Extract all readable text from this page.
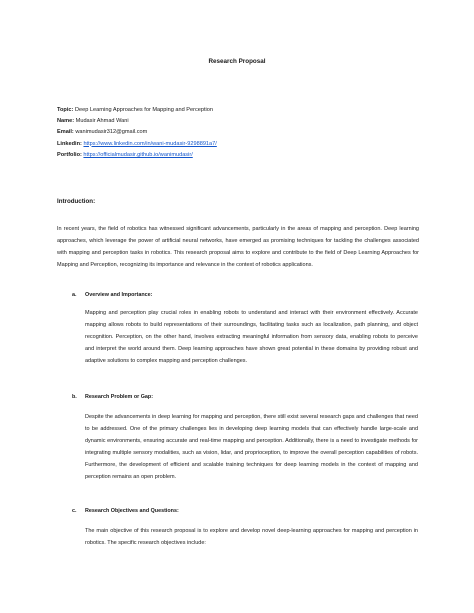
Research Proposal
Topic: Deep Learning Approaches for Mapping and Perception
Name: Mudasir Ahmad Wani
Email: wanimudasir312@gmail.com
Linkedin: https://www.linkedin.com/in/wani-mudasir-9298891a7/
Portfolio: https://officialmudasir.github.io/wanimudasir/
Introduction:

In recent years, the field of robotics has witnessed significant advancements, particularly in the areas of mapping and perception. Deep learning approaches, which leverage the power of artificial neural networks, have emerged as promising techniques for tackling the challenges associated with mapping and perception tasks in robotics. This research proposal aims to explore and contribute to the field of Deep Learning Approaches for Mapping and Perception, recognizing its importance and relevance in the context of robotics applications.

a. Overview and Importance:

Mapping and perception play crucial roles in enabling robots to understand and interact with their environment effectively. Accurate mapping allows robots to build representations of their surroundings, facilitating tasks such as localization, path planning, and object recognition. Perception, on the other hand, involves extracting meaningful information from sensory data, enabling robots to perceive and interpret the world around them. Deep learning approaches have shown great potential in these domains by providing robust and adaptive solutions to complex mapping and perception challenges.

b. Research Problem or Gap:

Despite the advancements in deep learning for mapping and perception, there still exist several research gaps and challenges that need to be addressed. One of the primary challenges lies in developing deep learning models that can effectively handle large-scale and dynamic environments, ensuring accurate and real-time mapping and perception. Additionally, there is a need to investigate methods for integrating multiple sensory modalities, such as vision, lidar, and proprioception, to improve the overall perception capabilities of robots. Furthermore, the development of efficient and scalable training techniques for deep learning models in the context of mapping and perception remains an open problem.

c. Research Objectives and Questions:

The main objective of this research proposal is to explore and develop novel deep-learning approaches for mapping and perception in robotics. The specific research objectives include:
